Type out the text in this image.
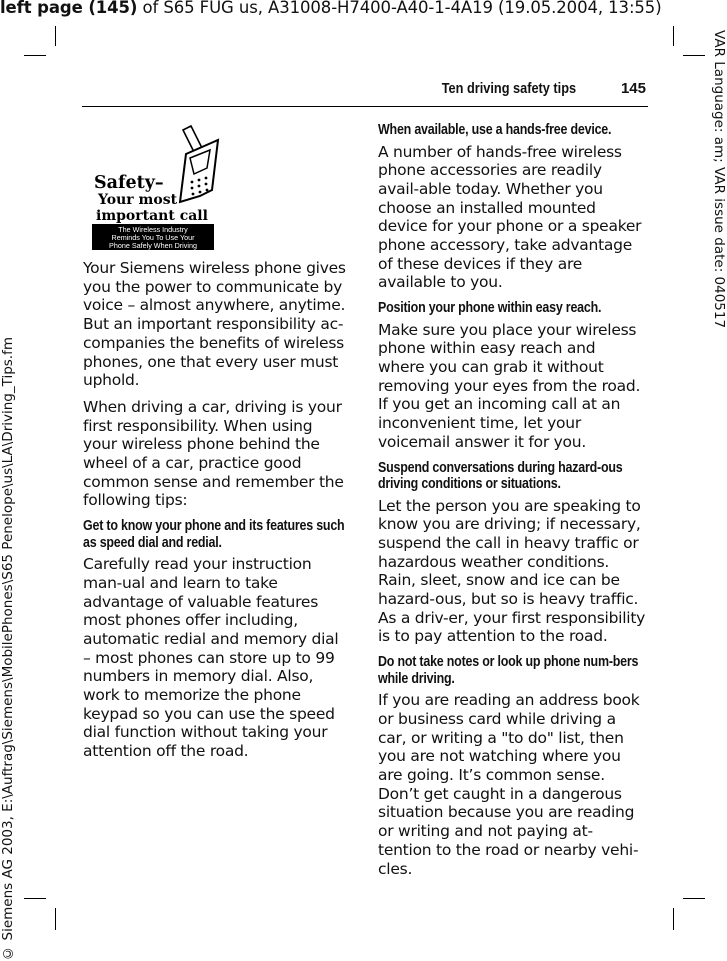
left page (145) of S65 FUG us, A31008-H7400-A40-1-4A19 (19.05.2004, 13:55)
VAR Language: am; VAR issue date: 040517
© Siemens AG 2003, E:\Auftrag\Siemens\MobilePhones\S65 Penelope\us\LA\Driving_Tips.fm
Ten driving safety tips	145
Safety–
Your most
important call
The Wireless Industry
Reminds You To Use Your
Phone Safely When Driving

Your Siemens wireless phone gives you the power to communicate by voice – almost anywhere, anytime. But an important responsibility ac-companies the benefits of wireless phones, one that every user must uphold.

When driving a car, driving is your first responsibility. When using your wireless phone behind the wheel of a car, practice good common sense and remember the following tips:

Get to know your phone and its features such as speed dial and redial.

Carefully read your instruction man-ual and learn to take advantage of valuable features most phones offer including, automatic redial and memory dial – most phones can store up to 99 numbers in memory dial. Also, work to memorize the phone keypad so you can use the speed dial function without taking your attention off the road.

When available, use a hands-free device.

A number of hands-free wireless phone accessories are readily avail-able today. Whether you choose an installed mounted device for your phone or a speaker phone accessory, take advantage of these devices if they are available to you.

Position your phone within easy reach.

Make sure you place your wireless phone within easy reach and where you can grab it without removing your eyes from the road. If you get an incoming call at an inconvenient time, let your voicemail answer it for you.

Suspend conversations during hazard-ous driving conditions or situations.

Let the person you are speaking to know you are driving; if necessary, suspend the call in heavy traffic or hazardous weather conditions. Rain, sleet, snow and ice can be hazard-ous, but so is heavy traffic. As a driv-er, your first responsibility is to pay attention to the road.

Do not take notes or look up phone num-bers while driving.

If you are reading an address book or business card while driving a car, or writing a "to do" list, then you are not watching where you are going. It’s common sense. Don’t get caught in a dangerous situation because you are reading or writing and not paying at-tention to the road or nearby vehi-cles.
